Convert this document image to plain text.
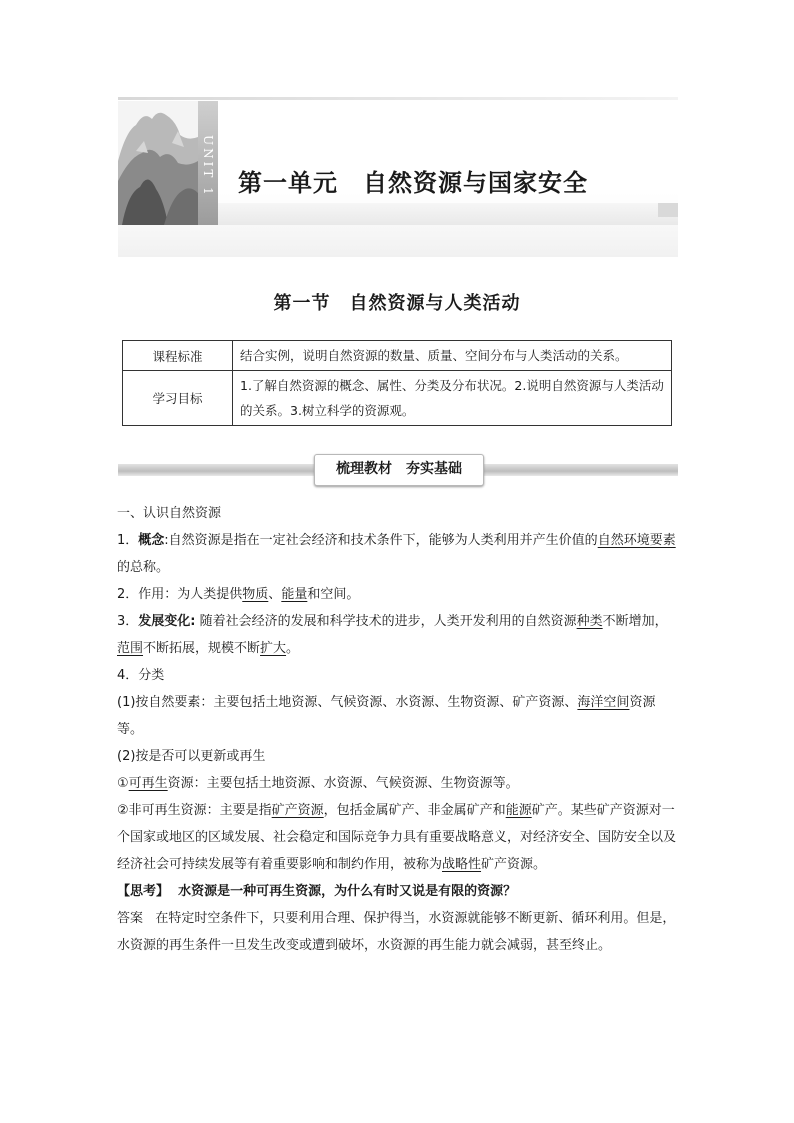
UNIT 1 第一单元　自然资源与国家安全
第一节　自然资源与人类活动
课程标准	结合实例，说明自然资源的数量、质量、空间分布与人类活动的关系。
学习目标	1.了解自然资源的概念、属性、分类及分布状况。2.说明自然资源与人类活动的关系。3.树立科学的资源观。
梳理教材　夯实基础

一、认识自然资源

1．概念:自然资源是指在一定社会经济和技术条件下，能够为人类利用并产生价值的自然环境要素的总称。

2．作用：为人类提供物质、能量和空间。

3．发展变化: 随着社会经济的发展和科学技术的进步，人类开发利用的自然资源种类不断增加，范围不断拓展，规模不断扩大。

4．分类

(1)按自然要素：主要包括土地资源、气候资源、水资源、生物资源、矿产资源、海洋空间资源等。

(2)按是否可以更新或再生

①可再生资源：主要包括土地资源、水资源、气候资源、生物资源等。

②非可再生资源：主要是指矿产资源，包括金属矿产、非金属矿产和能源矿产。某些矿产资源对一个国家或地区的区域发展、社会稳定和国际竞争力具有重要战略意义，对经济安全、国防安全以及经济社会可持续发展等有着重要影响和制约作用，被称为战略性矿产资源。

【思考】 水资源是一种可再生资源，为什么有时又说是有限的资源？

答案 在特定时空条件下，只要利用合理、保护得当，水资源就能够不断更新、循环利用。但是，水资源的再生条件一旦发生改变或遭到破坏，水资源的再生能力就会减弱，甚至终止。
